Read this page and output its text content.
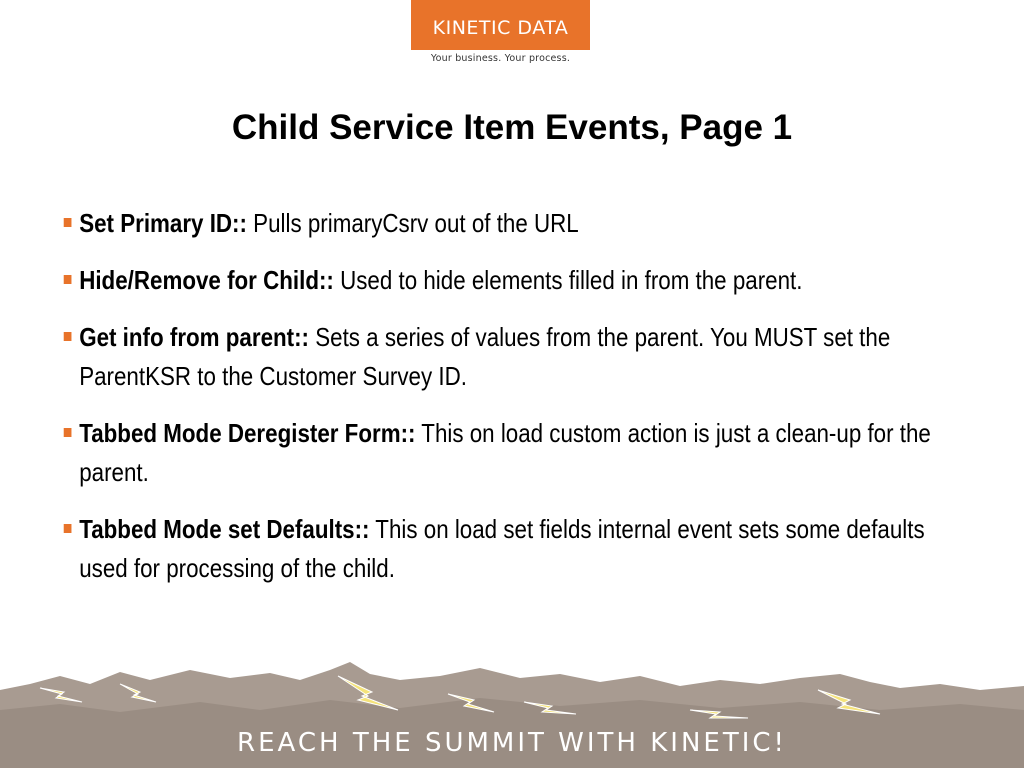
KINETIC DATA
Your business. Your process.
Child Service Item Events, Page 1
Set Primary ID:: Pulls primaryCsrv out of the URL
Hide/Remove for Child:: Used to hide elements filled in from the parent.
Get info from parent:: Sets a series of values from the parent. You MUST set the ParentKSR to the Customer Survey ID.
Tabbed Mode Deregister Form:: This on load custom action is just a clean-up for the parent.
Tabbed Mode set Defaults:: This on load set fields internal event sets some defaults used for processing of the child.
REACH THE SUMMIT WITH KINETIC!
